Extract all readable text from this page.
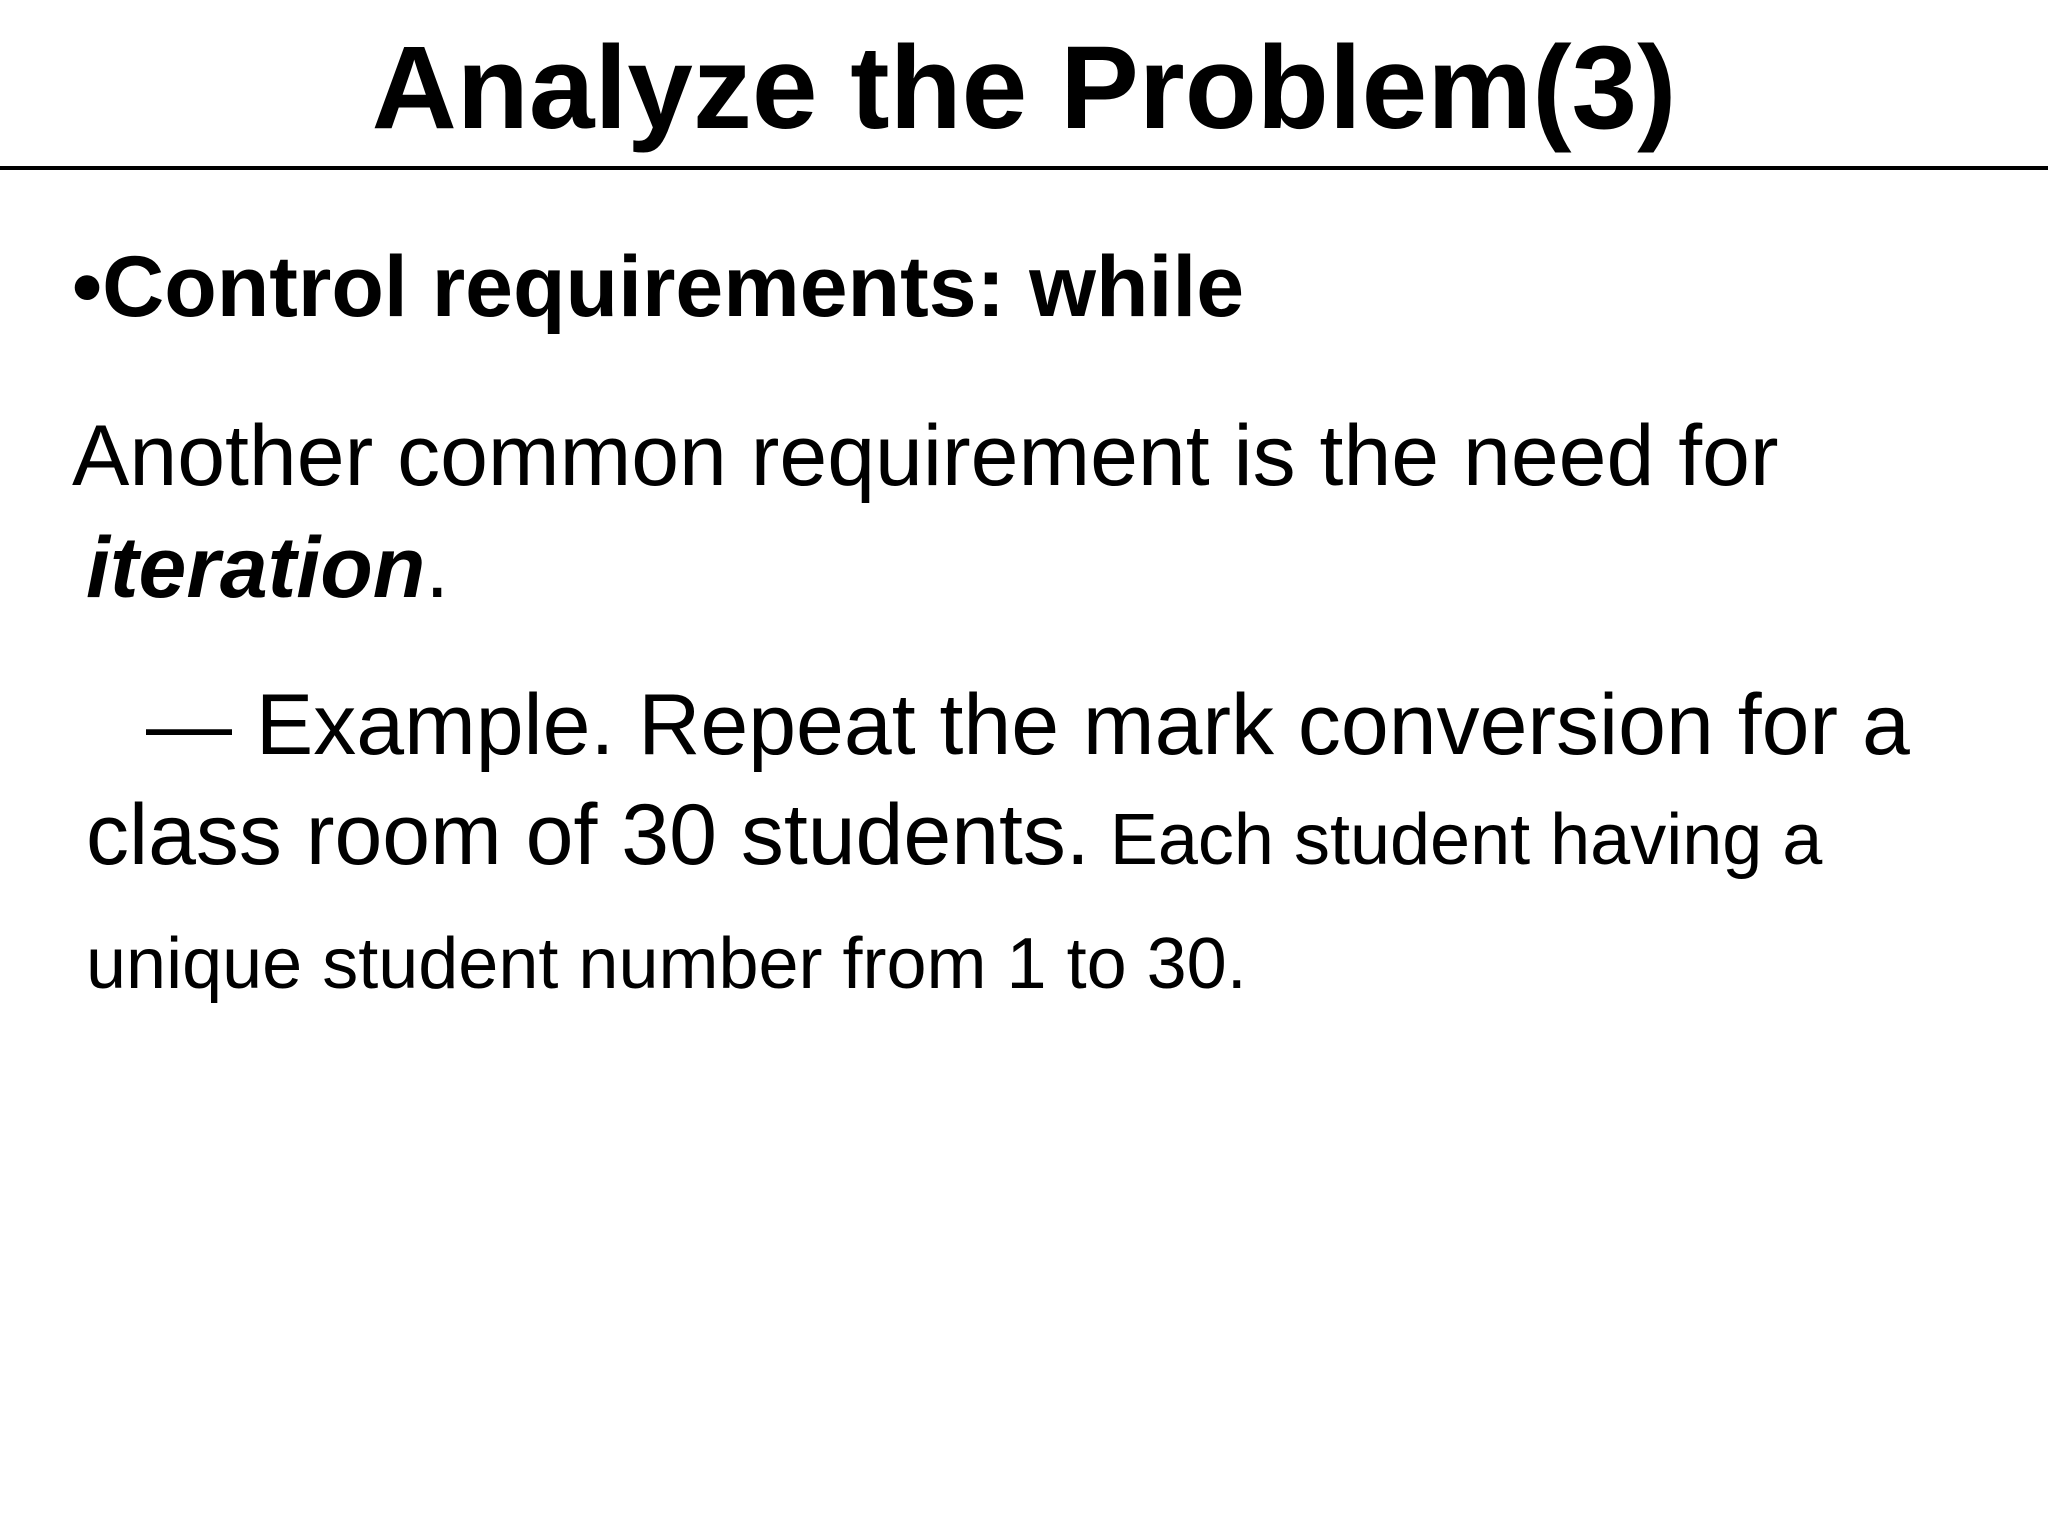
Analyze the Problem(3)
•Control requirements: while
Another common requirement is the need for
iteration.
— Example. Repeat the mark conversion for a
class room of 30 students. Each student having a
unique student number from 1 to 30.
